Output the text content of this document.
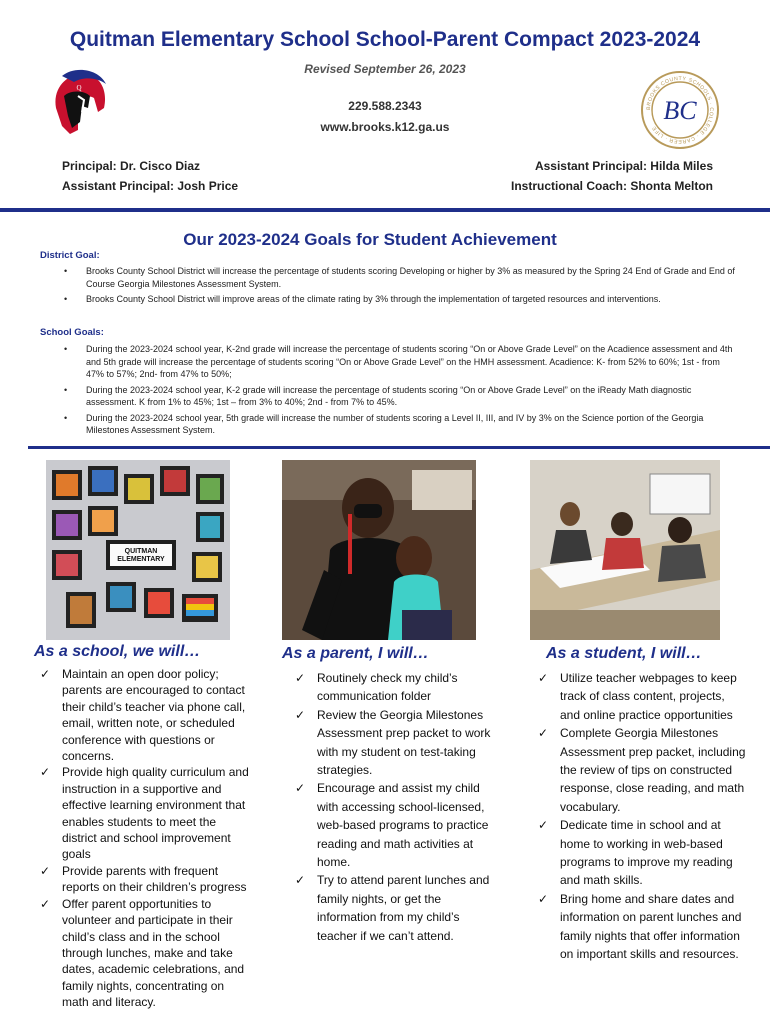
Quitman Elementary School School-Parent Compact 2023-2024
Revised September 26, 2023
229.588.2343
www.brooks.k12.ga.us
Q
BROOKS COUNTY SCHOOLS · COLLEGE · CAREER · LIFE
BC
Principal: Dr. Cisco Diaz
Assistant Principal: Josh Price
Assistant Principal: Hilda Miles
Instructional Coach: Shonta Melton
Our 2023-2024 Goals for Student Achievement
District Goal:
• Brooks County School District will increase the percentage of students scoring Developing or higher by 3% as measured by the Spring 24 End of Grade and End of Course Georgia Milestones Assessment System.
• Brooks County School District will improve areas of the climate rating by 3% through the implementation of targeted resources and interventions.
School Goals:
• During the 2023-2024 school year, K-2nd grade will increase the percentage of students scoring “On or Above Grade Level” on the Acadience assessment and 4th and 5th grade will increase the percentage of students scoring “On or Above Grade Level” on the HMH assessment. Acadience: K- from 52% to 60%; 1st - from 47% to 57%; 2nd- from 47% to 50%;
• During the 2023-2024 school year, K-2 grade will increase the percentage of students scoring “On or Above Grade Level” on the iReady Math diagnostic assessment. K from 1% to 45%; 1st – from 3% to 40%; 2nd - from 7% to 45%.
• During the 2023-2024 school year, 5th grade will increase the number of students scoring a Level II, III, and IV by 3% on the Science portion of the Georgia Milestones Assessment System.
QUITMAN ELEMENTARY
As a school, we will…	As a parent, I will…	As a student, I will…
✓ Maintain an open door policy; parents are encouraged to contact their child’s teacher via phone call, email, written note, or scheduled conference with questions or concerns.
✓ Provide high quality curriculum and instruction in a supportive and effective learning environment that enables students to meet the district and school improvement goals
✓ Provide parents with frequent reports on their children’s progress
✓ Offer parent opportunities to volunteer and participate in their child’s class and in the school through lunches, make and take dates, academic celebrations, and family nights, concentrating on math and literacy.
✓ Routinely check my child’s communication folder
✓ Review the Georgia Milestones Assessment prep packet to work with my student on test-taking strategies.
✓ Encourage and assist my child with accessing school-licensed, web-based programs to practice reading and math activities at home.
✓ Try to attend parent lunches and family nights, or get the information from my child’s teacher if we can’t attend.
✓ Utilize teacher webpages to keep track of class content, projects, and online practice opportunities
✓ Complete Georgia Milestones Assessment prep packet, including the review of tips on constructed response, close reading, and math vocabulary.
✓ Dedicate time in school and at home to working in web-based programs to improve my reading and math skills.
✓ Bring home and share dates and information on parent lunches and family nights that offer information on important skills and resources.
